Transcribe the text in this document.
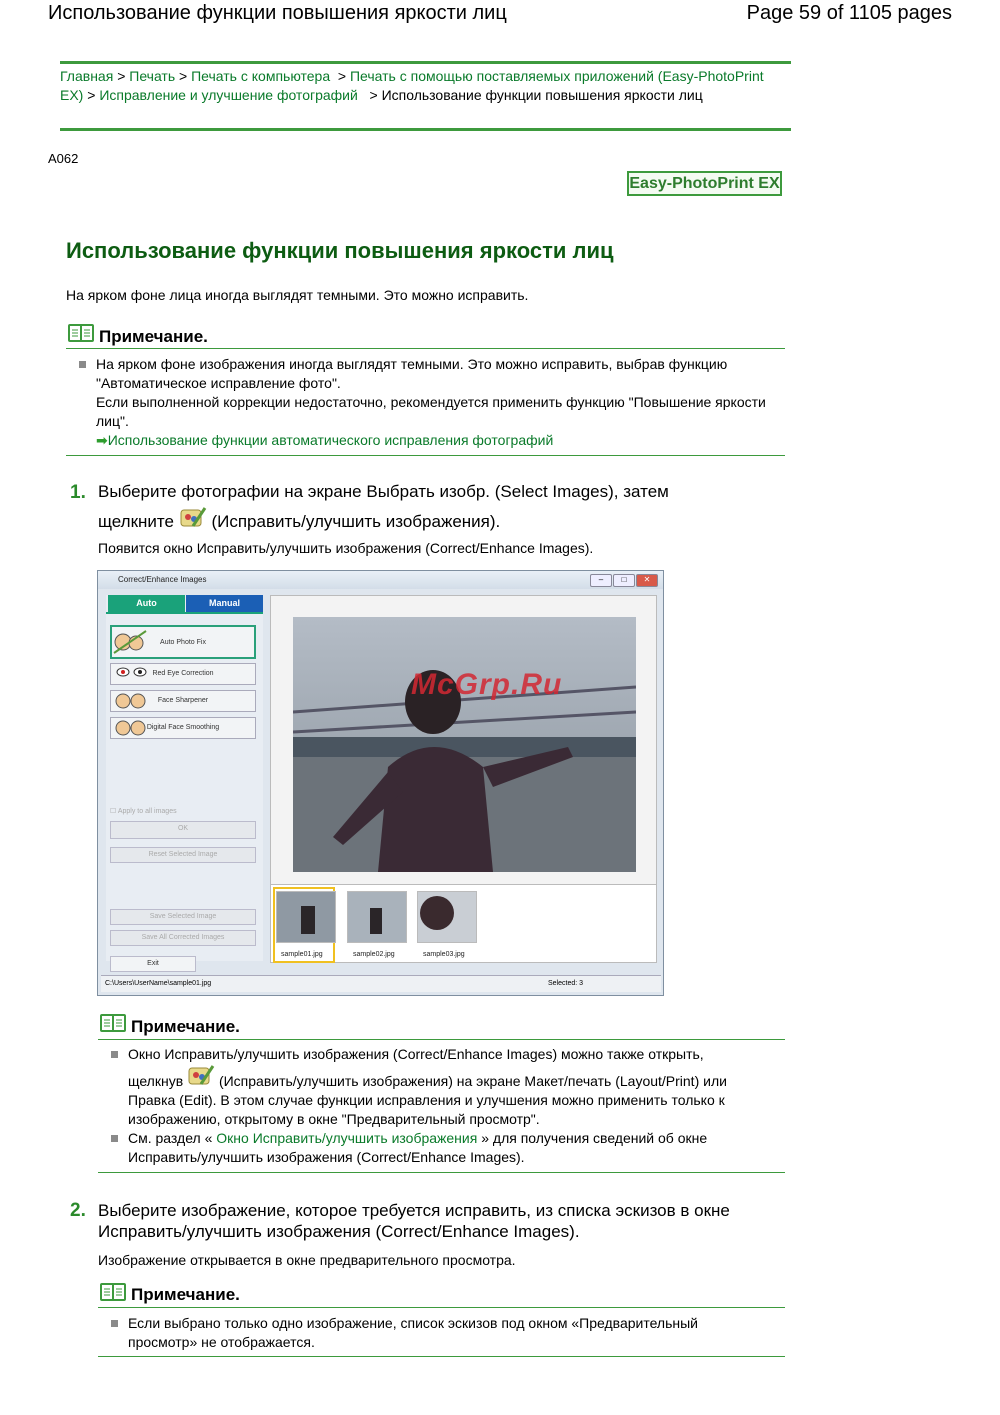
Использование функции повышения яркости лиц	Page 59 of 1105 pages
Главная > Печать > Печать с компьютера > Печать с помощью поставляемых приложений (Easy-PhotoPrint EX) > Исправление и улучшение фотографий > Использование функции повышения яркости лиц
A062
Easy-PhotoPrint EX
Использование функции повышения яркости лиц
На ярком фоне лица иногда выглядят темными. Это можно исправить.
Примечание.
На ярком фоне изображения иногда выглядят темными. Это можно исправить, выбрав функцию "Автоматическое исправление фото".
Если выполненной коррекции недостаточно, рекомендуется применить функцию "Повышение яркости лиц".
➡Использование функции автоматического исправления фотографий
1. Выберите фотографии на экране Выбрать изобр. (Select Images), затем
щелкните (Исправить/улучшить изображения).
Появится окно Исправить/улучшить изображения (Correct/Enhance Images).
Correct/Enhance Images	–	□	✕
Auto	Manual
Auto Photo Fix
Red Eye Correction
Face Sharpener
Digital Face Smoothing
☐ Apply to all images
OK
Reset Selected Image
Save Selected Image
Save All Corrected Images
Exit
McGrp.Ru
sample01.jpg	sample02.jpg	sample03.jpg
C:\Users\UserName\sample01.jpg	Selected: 3
Примечание.
Окно Исправить/улучшить изображения (Correct/Enhance Images) можно также открыть,
щелкнув	(Исправить/улучшить изображения) на экране Макет/печать (Layout/Print) или
Правка (Edit). В этом случае функции исправления и улучшения можно применить только к изображению, открытому в окне "Предварительный просмотр".
См. раздел « Окно Исправить/улучшить изображения » для получения сведений об окне Исправить/улучшить изображения (Correct/Enhance Images).
2. Выберите изображение, которое требуется исправить, из списка эскизов в окне Исправить/улучшить изображения (Correct/Enhance Images).
Изображение открывается в окне предварительного просмотра.
Примечание.
Если выбрано только одно изображение, список эскизов под окном «Предварительный просмотр» не отображается.
